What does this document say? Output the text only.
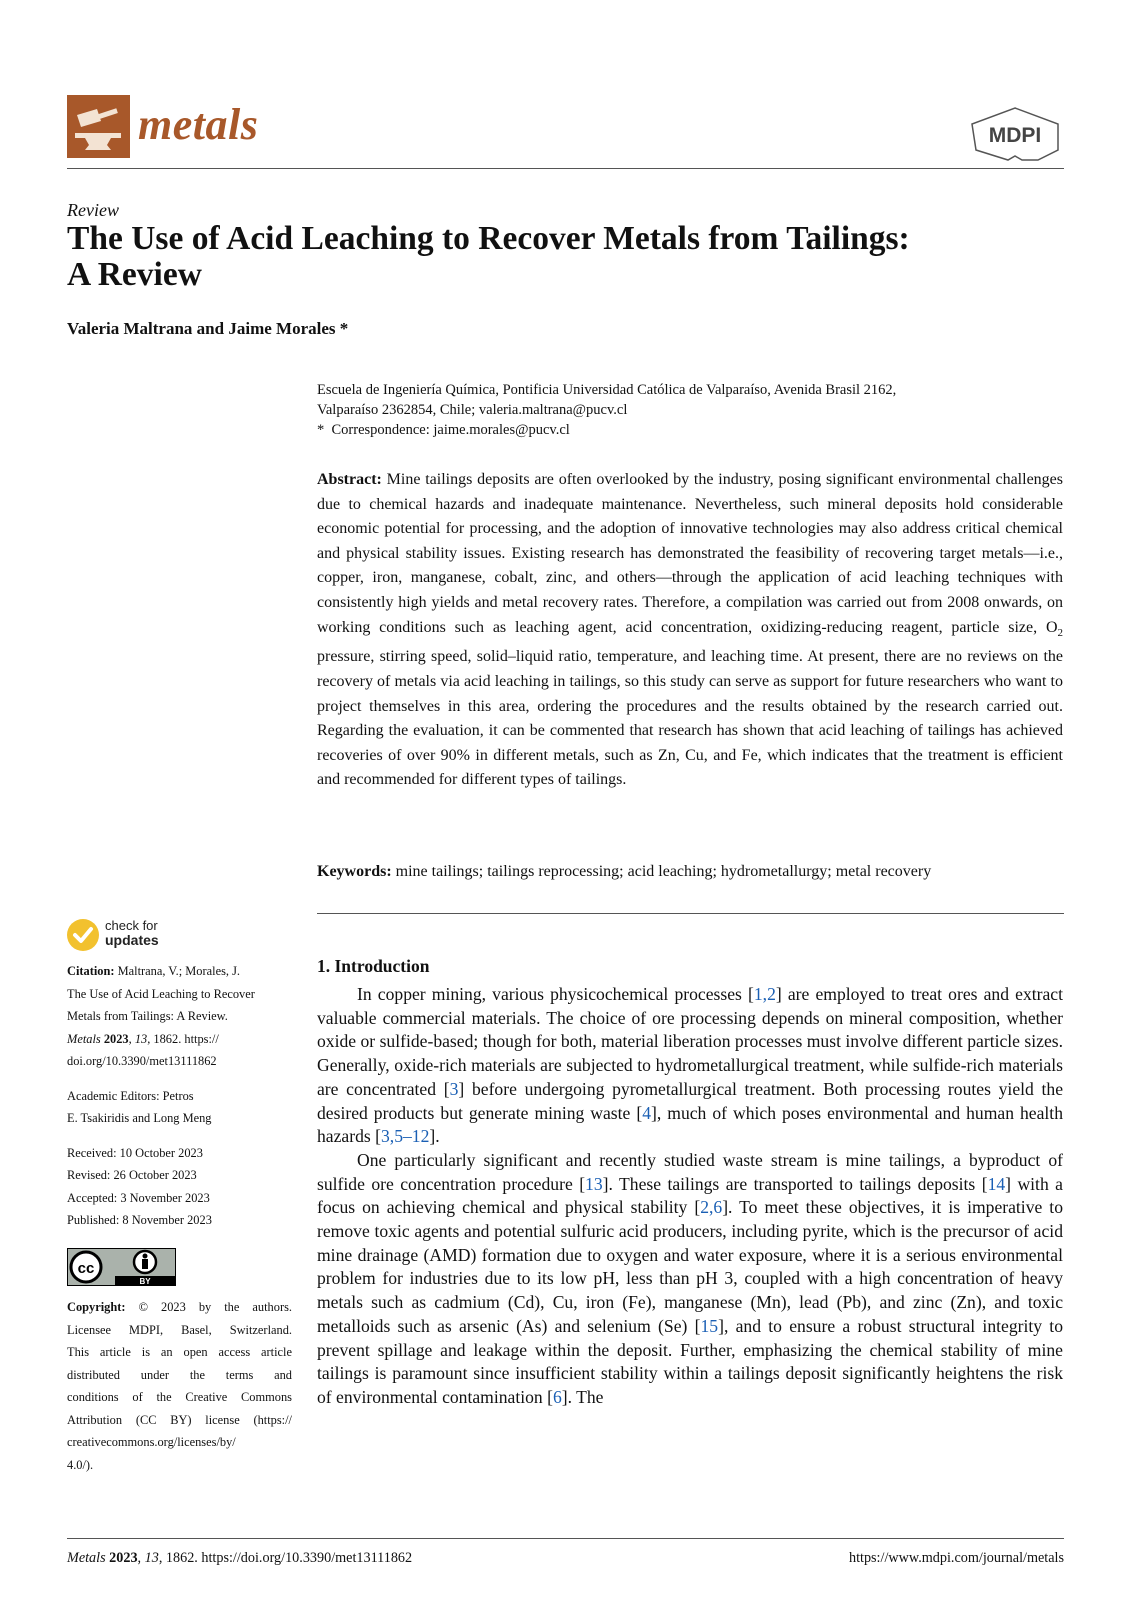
metals	MDPI
Review
The Use of Acid Leaching to Recover Metals from Tailings:
A Review
Valeria Maltrana and Jaime Morales *
Escuela de Ingeniería Química, Pontificia Universidad Católica de Valparaíso, Avenida Brasil 2162,
Valparaíso 2362854, Chile; valeria.maltrana@pucv.cl
* Correspondence: jaime.morales@pucv.cl
Abstract: Mine tailings deposits are often overlooked by the industry, posing significant environmental challenges due to chemical hazards and inadequate maintenance. Nevertheless, such mineral deposits hold considerable economic potential for processing, and the adoption of innovative technologies may also address critical chemical and physical stability issues. Existing research has demonstrated the feasibility of recovering target metals—i.e., copper, iron, manganese, cobalt, zinc, and others—through the application of acid leaching techniques with consistently high yields and metal recovery rates. Therefore, a compilation was carried out from 2008 onwards, on working conditions such as leaching agent, acid concentration, oxidizing-reducing reagent, particle size, $O_2$ pressure, stirring speed, solid–liquid ratio, temperature, and leaching time. At present, there are no reviews on the recovery of metals via acid leaching in tailings, so this study can serve as support for future researchers who want to project themselves in this area, ordering the procedures and the results obtained by the research carried out. Regarding the evaluation, it can be commented that research has shown that acid leaching of tailings has achieved recoveries of over 90% in different metals, such as Zn, Cu, and Fe, which indicates that the treatment is efficient and recommended for different types of tailings.
Keywords: mine tailings; tailings reprocessing; acid leaching; hydrometallurgy; metal recovery
check for
updates
Citation: Maltrana, V.; Morales, J.
The Use of Acid Leaching to Recover
Metals from Tailings: A Review.
Metals 2023, 13, 1862. https://
doi.org/10.3390/met13111862
Academic Editors: Petros
E. Tsakiridis and Long Meng
Received: 10 October 2023
Revised: 26 October 2023
Accepted: 3 November 2023
Published: 8 November 2023
cc
BY
Copyright: © 2023 by the authors.
Licensee MDPI, Basel, Switzerland.
This article is an open access article
distributed under the terms and
conditions of the Creative Commons
Attribution (CC BY) license (https://
creativecommons.org/licenses/by/
4.0/).
1. Introduction

In copper mining, various physicochemical processes [1,2] are employed to treat ores and extract valuable commercial materials. The choice of ore processing depends on mineral composition, whether oxide or sulfide-based; though for both, material liberation processes must involve different particle sizes. Generally, oxide-rich materials are subjected to hydrometallurgical treatment, while sulfide-rich materials are concentrated [3] before undergoing pyrometallurgical treatment. Both processing routes yield the desired products but generate mining waste [4], much of which poses environmental and human health hazards [3,5–12].

One particularly significant and recently studied waste stream is mine tailings, a byproduct of sulfide ore concentration procedure [13]. These tailings are transported to tailings deposits [14] with a focus on achieving chemical and physical stability [2,6]. To meet these objectives, it is imperative to remove toxic agents and potential sulfuric acid producers, including pyrite, which is the precursor of acid mine drainage (AMD) formation due to oxygen and water exposure, where it is a serious environmental problem for industries due to its low pH, less than pH 3, coupled with a high concentration of heavy metals such as cadmium (Cd), Cu, iron (Fe), manganese (Mn), lead (Pb), and zinc (Zn), and toxic metalloids such as arsenic (As) and selenium (Se) [15], and to ensure a robust structural integrity to prevent spillage and leakage within the deposit. Further, emphasizing the chemical stability of mine tailings is paramount since insufficient stability within a tailings deposit significantly heightens the risk of environmental contamination [6]. The

Metals 2023, 13, 1862. https://doi.org/10.3390/met13111862	https://www.mdpi.com/journal/metals
